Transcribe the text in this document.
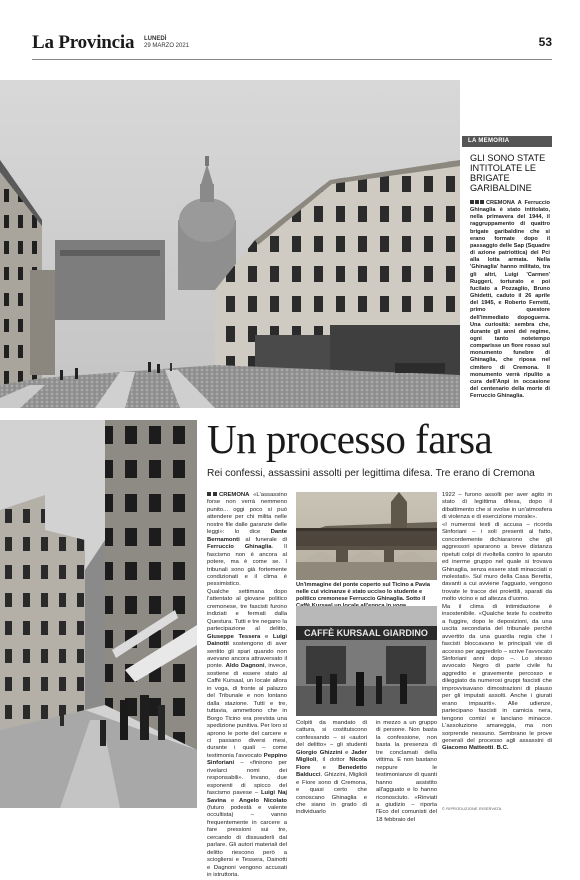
La Provincia LUNEDÌ
29 MARZO 2021	53
LA MEMORIA
GLI SONO STATE INTITOLATE LE BRIGATE GARIBALDINE
CREMONA A Ferruccio Ghinaglia è stato intitolato, nella primavera del 1944, il raggruppamento di quattro brigate garibaldine che si erano formate dopo il passaggio delle Sap (Squadre di azione patriottica) del Pci alla lotta armata. Nella 'Ghinaglia' hanno militato, tra gli altri, Luigi 'Carmen' Ruggeri, torturato e poi fucilato a Pozzaglio, Bruno Ghidetti, caduto il 26 aprile del 1945, e Roberto Ferretti, primo questore dell'immediato dopoguerra. Una curiosità: sembra che, durante gli anni del regime, ogni tanto notetempo comparisse un fiore rosso sul monumento funebre di Ghinaglia, che riposa nel cimitero di Cremona. Il monumento verrà ripulito a cura dell'Anpi in occasione del centenario della morte di Ferruccio Ghinaglia.
Un processo farsa
Rei confessi, assassini assolti per legittima difesa. Tre erano di Cremona

CREMONA «L'assassino forse non verrà nemmeno punito... oggi poco si può attendere per chi milita nelle nostre file dalle garanzie delle leggi»: lo dice Dante Bernamonti al funerale di Ferruccio Ghinaglia. Il fascismo non è ancora al potere, ma è come se. I tribunali sono già fortemente condizionati e il clima è pessimistico.

Qualche settimana dopo l'attentato al giovane politico cremonese, tre fascisti furono indiziati e fermati dalla Questura. Tutti e tre negano la partecipazione al delitto, Giuseppe Tessera e Luigi Dainotti sostengono di aver sentito gli spari quando non avevano ancora attraversato il ponte. Aldo Dagnoni, invece, sostiene di essere stato al Caffè Kursaal, un locale allora in voga, di fronte al palazzo del Tribunale e non lontano dalla stazione. Tutti e tre, tuttavia, ammettono che in Borgo Ticino era prevista una spedizione punitiva. Per loro si aprono le porte del carcere e ci passano diversi mesi, durante i quali – come testimonia l'avvocato Peppino Sinforiani – «finirono per rivelarci nomi dei responsabili». Invano, due esponenti di spicco del fascismo pavese – Luigi Naj Savina e Angelo Nicolato (futuro podestà e valente occultista) – vanno frequentemente in carcere a fare pressioni sui tre, cercando di dissuaderli dal parlare. Gli autori materiali del delitto riescono però a sciogliersi e Tessera, Dainotti e Dagnoni vengono accusati in istruttoria.

Un'immagine del ponte coperto sul Ticino a Pavia nelle cui vicinanze è stato ucciso lo studente e politico cremonese Ferruccio Ghinaglia. Sotto il
CAFFÈ KURSAAL GIARDINO

Colpiti da mandato di cattura, si costituiscono confessando – si «autori del delitto» – gli studenti Giorgio Ghizzini e Jader Miglioli, il dottor Nicola Fiore e Benedetto Balducci. Ghizzini, Miglioli e Fiore sono di Cremona, e quasi certo che conoscano Ghinaglia e che siano in grado di individuarlo

in mezzo a un gruppo di persone. Non basta la confessione, non basta la presenza di tre conclamati della vittima. E non bastano neppure le testimonianze di quanti hanno assistito all'agguato e lo hanno riconosciuto. «Rinviati a giudizio – riporta l'Eco del comunisti del 18 febbraio del

1922 – furono assolti per aver agito in stato di legittima difesa, dopo il dibattimento che si svolse in un'atmosfera di violenza e di esercizione morale».

«I numerosi testi di accusa – ricorda Sinforiani – i soli presenti al fatto, concordemente dichiararono che gli aggressori spararono a breve distanza ripetuti colpi di rivoltella contro lo sparuto ed inerme gruppo nel quale si trovava Ghinaglia, senza essere stati minacciati o molestati». Sul muro della Casa Beretta, davanti a cui avviene l'agguato, vengono trovate le tracce dei proiettili, sparati da molto vicino e ad altezza d'uomo.

Ma il clima di intimidazione è insostenibile. «Qualche teste fu costretto a fuggire, dopo le deposizioni, da una uscita secondaria del tribunale perché avvertito da una guardia regia che i fascisti bloccavano le principali vie di accesso per aggredirlo – scrive l'avvocato Sinforiani anni dopo –. Lo stesso avvocato Negro di parte civile fu aggredito e gravemente percosso e dileggiato da numerosi gruppi fascisti che improvvisavano dimostrazioni di plauso per gli imputati assolti. Anche i giurati erano impauriti». Alle udienze, partecipano fascisti in camicia nera, tengono comizi e lanciano minacce. L'assoluzione amareggia, ma non sorprende nessuno. Sembrano le prove generali del processo agli assassini di Giacomo Matteotti. B.C.

© RIPRODUZIONE RISERVATA
